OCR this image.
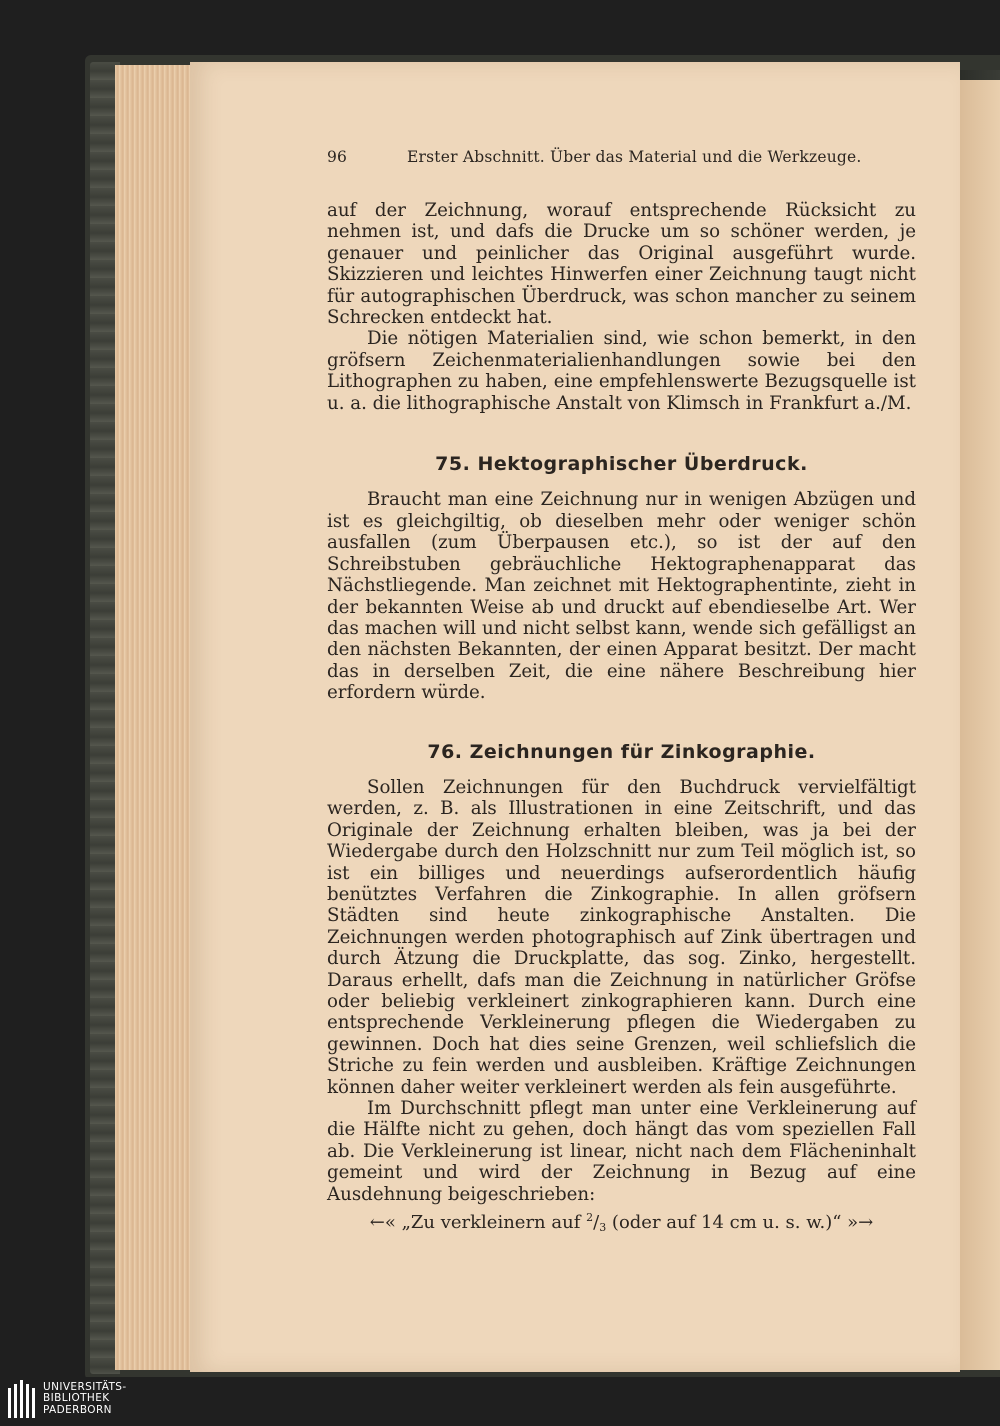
96	Erster Abschnitt. Über das Material und die Werkzeuge.

auf der Zeichnung, worauf entsprechende Rücksicht zu nehmen ist, und dafs die Drucke um so schöner werden, je genauer und peinlicher das Original ausgeführt wurde. Skizzieren und leichtes Hinwerfen einer Zeichnung taugt nicht für autographischen Überdruck, was schon mancher zu seinem Schrecken entdeckt hat.

Die nötigen Materialien sind, wie schon bemerkt, in den gröfsern Zeichenmaterialienhandlungen sowie bei den Lithographen zu haben, eine empfehlenswerte Bezugsquelle ist u. a. die lithographische Anstalt von Klimsch in Frankfurt a./M.

75. Hektographischer Überdruck.

Braucht man eine Zeichnung nur in wenigen Abzügen und ist es gleichgiltig, ob dieselben mehr oder weniger schön ausfallen (zum Überpausen etc.), so ist der auf den Schreibstuben gebräuchliche Hektographenapparat das Nächstliegende. Man zeichnet mit Hektographentinte, zieht in der bekannten Weise ab und druckt auf ebendieselbe Art. Wer das machen will und nicht selbst kann, wende sich gefälligst an den nächsten Bekannten, der einen Apparat besitzt. Der macht das in derselben Zeit, die eine nähere Beschreibung hier erfordern würde.

76. Zeichnungen für Zinkographie.

Sollen Zeichnungen für den Buchdruck vervielfältigt werden, z. B. als Illustrationen in eine Zeitschrift, und das Originale der Zeichnung erhalten bleiben, was ja bei der Wiedergabe durch den Holzschnitt nur zum Teil möglich ist, so ist ein billiges und neuerdings aufserordentlich häufig benütztes Verfahren die Zinkographie. In allen gröfsern Städten sind heute zinkographische Anstalten. Die Zeichnungen werden photographisch auf Zink übertragen und durch Ätzung die Druckplatte, das sog. Zinko, hergestellt. Daraus erhellt, dafs man die Zeichnung in natürlicher Gröfse oder beliebig verkleinert zinkographieren kann. Durch eine entsprechende Verkleinerung pflegen die Wiedergaben zu gewinnen. Doch hat dies seine Grenzen, weil schliefslich die Striche zu fein werden und ausbleiben. Kräftige Zeichnungen können daher weiter verkleinert werden als fein ausgeführte.

Im Durchschnitt pflegt man unter eine Verkleinerung auf die Hälfte nicht zu gehen, doch hängt das vom speziellen Fall ab. Die Verkleinerung ist linear, nicht nach dem Flächeninhalt gemeint und wird der Zeichnung in Bezug auf eine Ausdehnung beigeschrieben:

←« „Zu verkleinern auf $^2/_3$ (oder auf 14 cm u. s. w.)“ »→
UNIVERSITÄTS-
BIBLIOTHEK
PADERBORN
